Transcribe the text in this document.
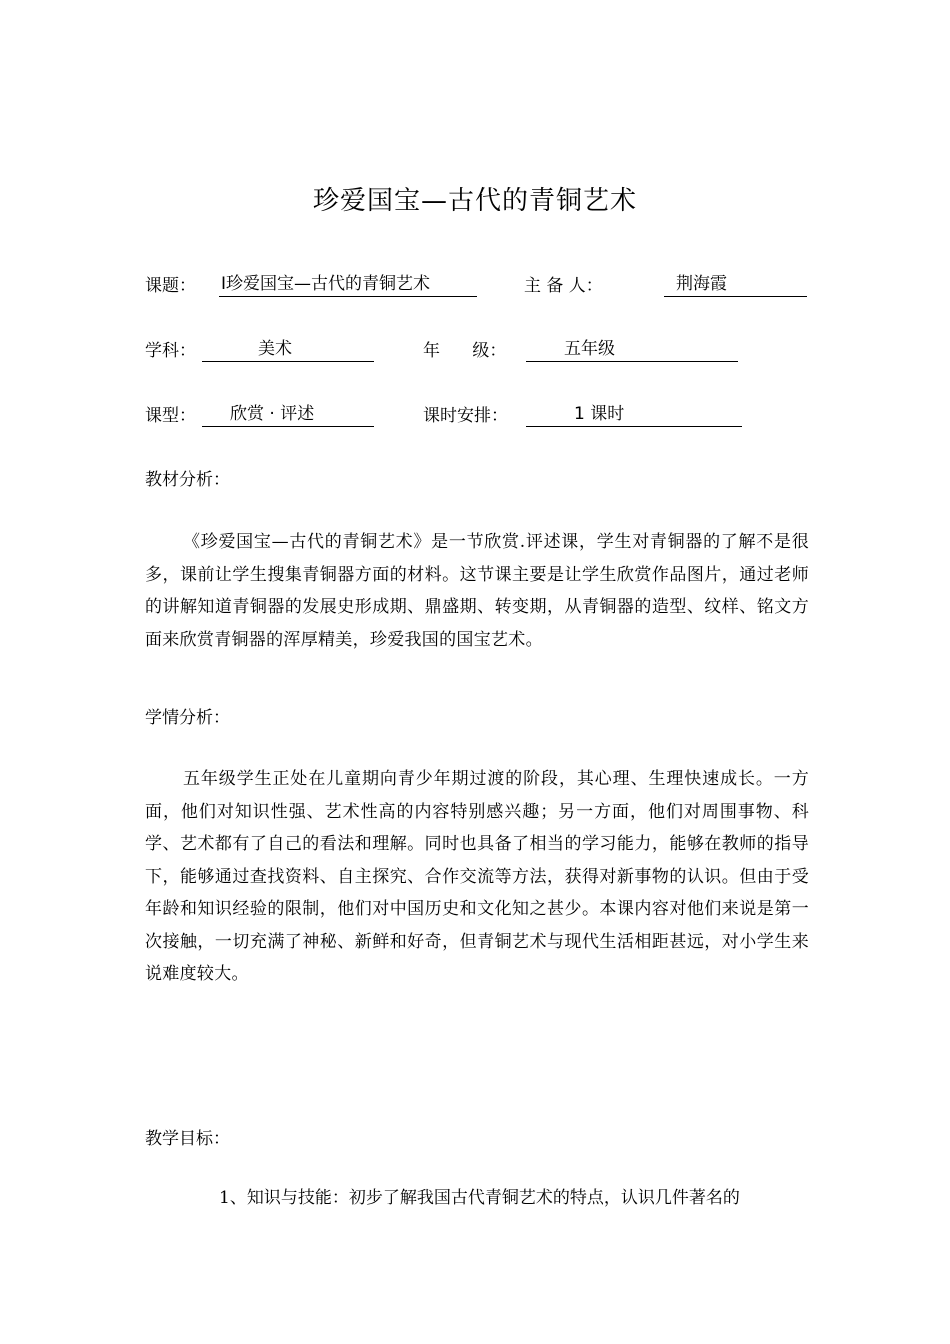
珍爱国宝—古代的青铜艺术
课题： Ⅰ珍爱国宝—古代的青铜艺术	主 备 人：	荆海霞
学科：	美术	年      级：	五年级
课型：	欣赏 · 评述	课时安排：	1 课时
教材分析：
《珍爱国宝—古代的青铜艺术》是一节欣赏.评述课，学生对青铜器的了解不是很多，课前让学生搜集青铜器方面的材料。这节课主要是让学生欣赏作品图片，通过老师的讲解知道青铜器的发展史形成期、鼎盛期、转变期，从青铜器的造型、纹样、铭文方面来欣赏青铜器的浑厚精美，珍爱我国的国宝艺术。
学情分析：
五年级学生正处在儿童期向青少年期过渡的阶段，其心理、生理快速成长。一方面，他们对知识性强、艺术性高的内容特别感兴趣；另一方面，他们对周围事物、科学、艺术都有了自己的看法和理解。同时也具备了相当的学习能力，能够在教师的指导下，能够通过查找资料、自主探究、合作交流等方法，获得对新事物的认识。但由于受年龄和知识经验的限制，他们对中国历史和文化知之甚少。本课内容对他们来说是第一次接触，一切充满了神秘、新鲜和好奇，但青铜艺术与现代生活相距甚远，对小学生来说难度较大。
教学目标：
1、知识与技能：初步了解我国古代青铜艺术的特点，认识几件著名的
